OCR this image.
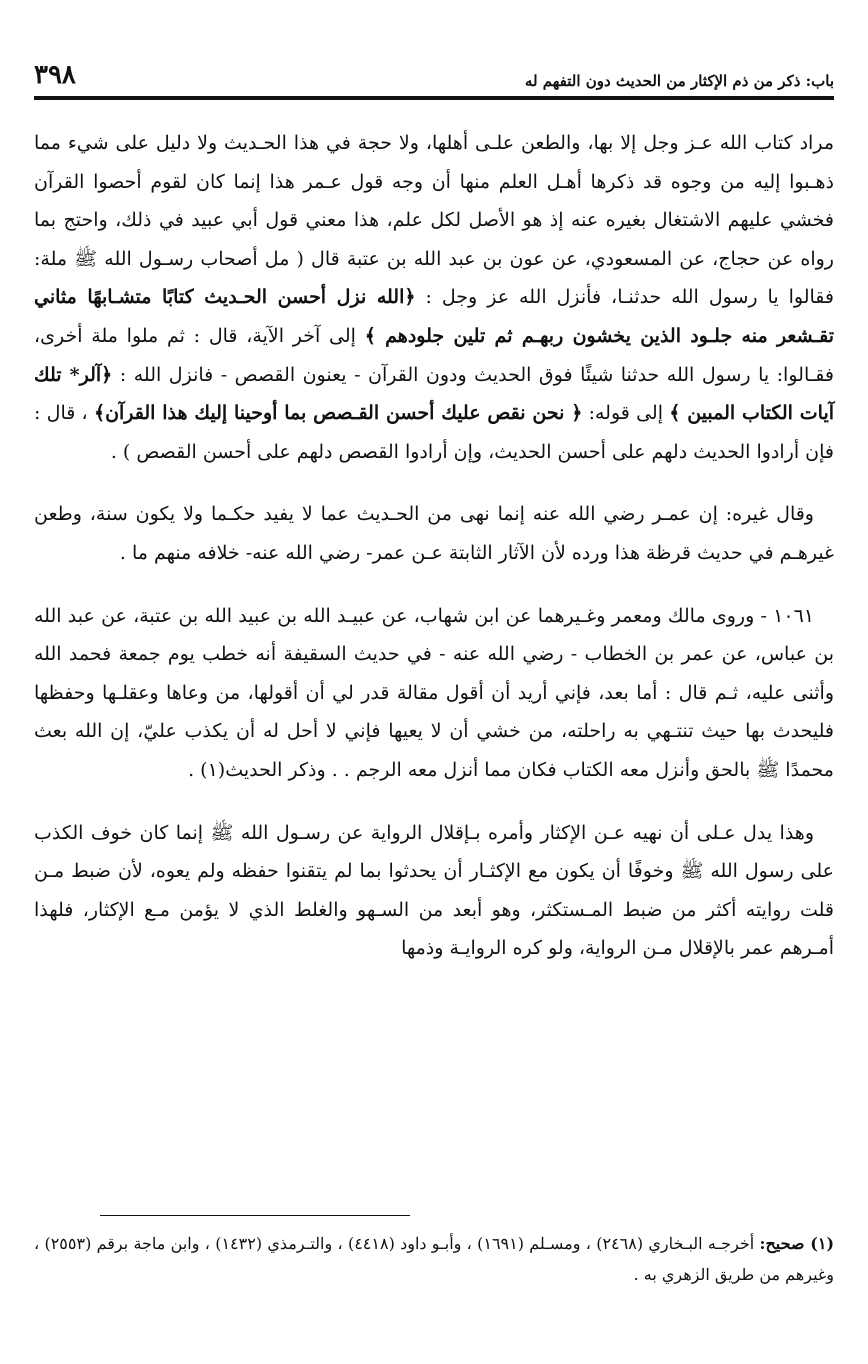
باب: ذكر من ذم الإكثار من الحديث دون التفهم له
٣٩٨

مراد كتاب الله عـز وجل إلا بها، والطعن علـى أهلها، ولا حجة في هذا الحـديث ولا دليل على شيء مما ذهـبوا إليه من وجوه قد ذكرها أهـل العلم منها أن وجه قول عـمر هذا إنما كان لقوم أحصوا القرآن فخشي عليهم الاشتغال بغيره عنه إذ هو الأصل لكل علم، هذا معني قول أبي عبيد في ذلك، واحتج بما رواه عن حجاج، عن المسعودي، عن عون بن عبد الله بن عتبة قال ( مل أصحاب رسـول الله ﷺ ملة: فقالوا يا رسول الله حدثنـا، فأنزل الله عز وجل : ﴿الله نزل أحسن الحـديث كتابًا متشـابهًا مثاني تقـشعر منه جلـود الذين يخشون ربهـم ثم تلين جلودهم ﴾ إلى آخر الآية، قال : ثم ملوا ملة أخرى، فقـالوا: يا رسول الله حدثنا شيئًا فوق الحديث ودون القرآن - يعنون القصص - فانزل الله : ﴿آلر* تلك آيات الكتاب المبين ﴾ إلى قوله: ﴿ نحن نقص عليك أحسن القـصص بما أوحينا إليك هذا القرآن﴾ ، قال : فإن أرادوا الحديث دلهم على أحسن الحديث، وإن أرادوا القصص دلهم على أحسن القصص ) .

وقال غيره: إن عمـر رضي الله عنه إنما نهى من الحـديث عما لا يفيد حكـما ولا يكون سنة، وطعن غيرهـم في حديث قرظة هذا ورده لأن الآثار الثابتة عـن عمر- رضي الله عنه- خلافه منهم ما .

١٠٦١ - وروى مالك ومعمر وغـيرهما عن ابن شهاب، عن عبيـد الله بن عبيد الله بن عتبة، عن عبد الله بن عباس، عن عمر بن الخطاب - رضي الله عنه - في حديث السقيفة أنه خطب يوم جمعة فحمد الله وأثنى عليه، ثـم قال : أما بعد، فإني أريد أن أقول مقالة قدر لي أن أقولها، من وعاها وعقلـها وحفظها فليحدث بها حيث تنتـهي به راحلته، من خشي أن لا يعيها فإني لا أحل له أن يكذب عليّ، إن الله بعث محمدًا ﷺ بالحق وأنزل معه الكتاب فكان مما أنزل معه الرجم . . وذكر الحديث(١) .

وهذا يدل عـلى أن نهيه عـن الإكثار وأمره بـإقلال الرواية عن رسـول الله ﷺ إنما كان خوف الكذب على رسول الله ﷺ وخوفًا أن يكون مع الإكثـار أن يحدثوا بما لم يتقنوا حفظه ولم يعوه، لأن ضبط مـن قلت روايته أكثر من ضبط المـستكثر، وهو أبعد من السـهو والغلط الذي لا يؤمن مـع الإكثار، فلهذا أمـرهم عمر بالإقلال مـن الرواية، ولو كره الروايـة وذمها

(١) صحيح: أخرجـه البـخاري (٢٤٦٨) ، ومسـلم (١٦٩١) ، وأبـو داود (٤٤١٨) ، والتـرمذي (١٤٣٢) ، وابن ماجة برقم (٢٥٥٣) ، وغيرهم من طريق الزهري به .
